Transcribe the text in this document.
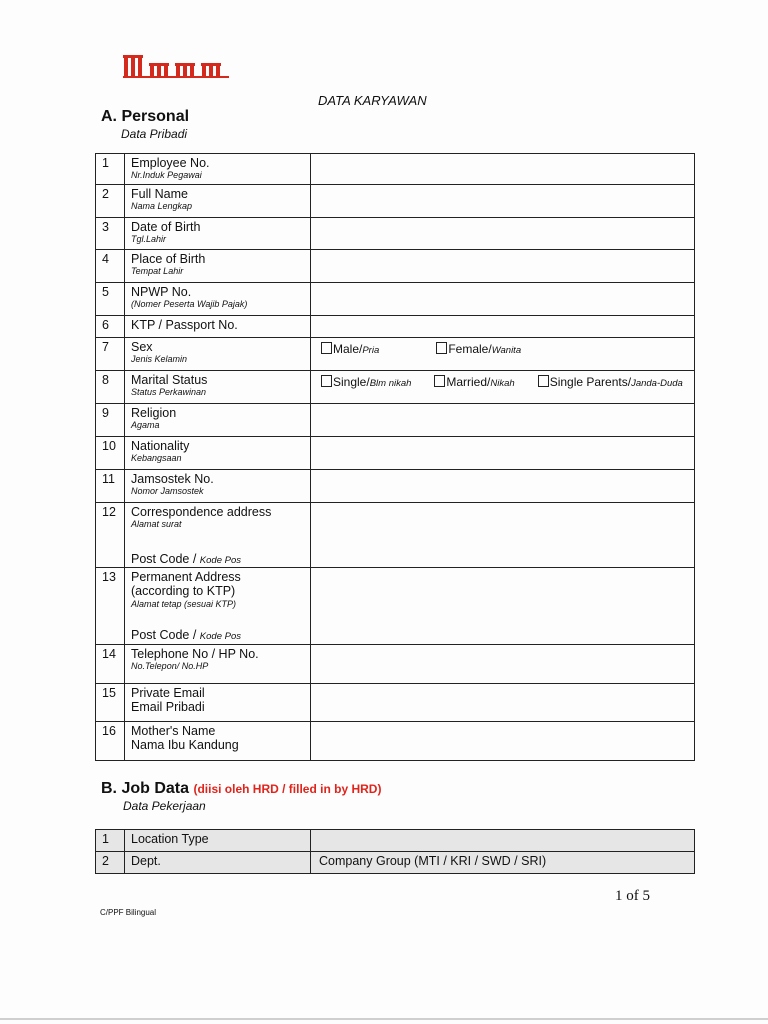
DATA KARYAWAN
A. Personal
Data Pribadi
1	Employee No.
Nr.Induk Pegawai	

2	Full Name
Nama Lengkap	

3	Date of Birth
Tgl.Lahir	

4	Place of Birth
Tempat Lahir	

5	NPWP No.
(Nomer Peserta Wajib Pajak)	

6	KTP / Passport No.	

7	Sex
Jenis Kelamin	Male/Pria Female/Wanita
8	Marital Status
Status Perkawinan	Single/Blm nikah Married/Nikah Single Parents/Janda-Duda
9	Religion
Agama	

10	Nationality
Kebangsaan	

11	Jamsostek No.
Nomor Jamsostek	

12	Correspondence address
Alamat surat
Post Code / Kode Pos	

13	Permanent Address
(according to KTP)
Alamat tetap (sesuai KTP)
Post Code / Kode Pos	

14	Telephone No / HP No.
No.Telepon/ No.HP	

15	Private Email
Email Pribadi	

16	Mother's Name
Nama Ibu Kandung	

B. Job Data (diisi oleh HRD / filled in by HRD)
Data Pekerjaan
1	Location Type	

2	Dept.	Company Group (MTI / KRI / SWD / SRI)
1 of 5
C/PPF Bilingual
